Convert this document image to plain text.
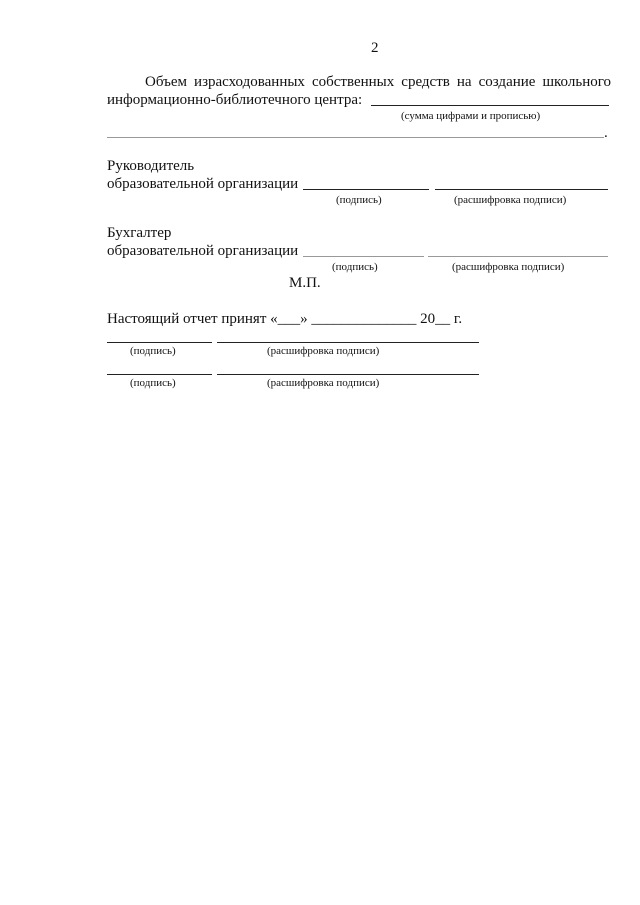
2
Объем израсходованных собственных средств на создание школьного
информационно-библиотечного центра:
(сумма цифрами и прописью)
.
Руководитель
образовательной организации
(подпись)	(расшифровка подписи)
Бухгалтер
образовательной организации
(подпись)	(расшифровка подписи)
М.П.
Настоящий отчет принят «___» ______________ 20__ г.
(подпись)	(расшифровка подписи)
(подпись)	(расшифровка подписи)
